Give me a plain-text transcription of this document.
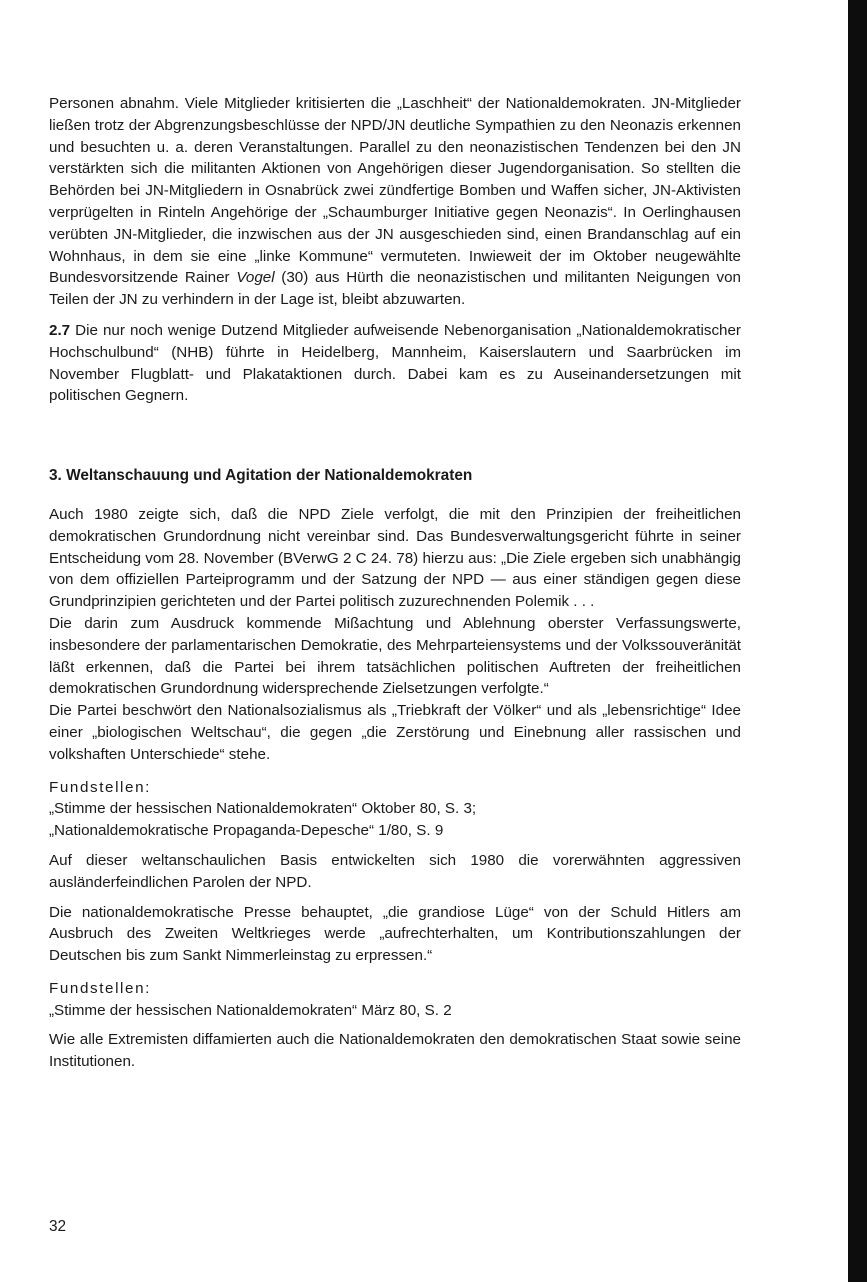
Personen abnahm. Viele Mitglieder kritisierten die „Laschheit“ der Nationaldemokraten. JN-Mitglieder ließen trotz der Abgrenzungsbeschlüsse der NPD/JN deutliche Sympathien zu den Neonazis erkennen und besuchten u. a. deren Veranstaltungen. Parallel zu den neonazistischen Tendenzen bei den JN verstärkten sich die militanten Aktionen von Angehörigen dieser Jugendorganisation. So stellten die Behörden bei JN-Mitgliedern in Osnabrück zwei zündfertige Bomben und Waffen sicher, JN-Aktivisten verprügelten in Rinteln Angehörige der „Schaumburger Initiative gegen Neonazis“. In Oerlinghausen verübten JN-Mitglieder, die inzwischen aus der JN ausgeschieden sind, einen Brandanschlag auf ein Wohnhaus, in dem sie eine „linke Kommune“ vermuteten. Inwieweit der im Oktober neugewählte Bundesvorsitzende Rainer Vogel (30) aus Hürth die neonazistischen und militanten Neigungen von Teilen der JN zu verhindern in der Lage ist, bleibt abzuwarten.

2.7 Die nur noch wenige Dutzend Mitglieder aufweisende Nebenorganisation „Nationaldemokratischer Hochschulbund“ (NHB) führte in Heidelberg, Mannheim, Kaiserslautern und Saarbrücken im November Flugblatt- und Plakataktionen durch. Dabei kam es zu Auseinandersetzungen mit politischen Gegnern.

3. Weltanschauung und Agitation der Nationaldemokraten

Auch 1980 zeigte sich, daß die NPD Ziele verfolgt, die mit den Prinzipien der freiheitlichen demokratischen Grundordnung nicht vereinbar sind. Das Bundesverwaltungsgericht führte in seiner Entscheidung vom 28. November (BVerwG 2 C 24. 78) hierzu aus: „Die Ziele ergeben sich unabhängig von dem offiziellen Parteiprogramm und der Satzung der NPD — aus einer ständigen gegen diese Grundprinzipien gerichteten und der Partei politisch zuzurechnenden Polemik . . .

Die darin zum Ausdruck kommende Mißachtung und Ablehnung oberster Verfassungswerte, insbesondere der parlamentarischen Demokratie, des Mehrparteiensystems und der Volkssouveränität läßt erkennen, daß die Partei bei ihrem tatsächlichen politischen Auftreten der freiheitlichen demokratischen Grundordnung widersprechende Zielsetzungen verfolgte.“

Die Partei beschwört den Nationalsozialismus als „Triebkraft der Völker“ und als „lebensrichtige“ Idee einer „biologischen Weltschau“, die gegen „die Zerstörung und Einebnung aller rassischen und volkshaften Unterschiede“ stehe.

Fundstellen:

„Stimme der hessischen Nationaldemokraten“ Oktober 80, S. 3;

„Nationaldemokratische Propaganda-Depesche“ 1/80, S. 9

Auf dieser weltanschaulichen Basis entwickelten sich 1980 die vorerwähnten aggressiven ausländerfeindlichen Parolen der NPD.

Die nationaldemokratische Presse behauptet, „die grandiose Lüge“ von der Schuld Hitlers am Ausbruch des Zweiten Weltkrieges werde „aufrechterhalten, um Kontributionszahlungen der Deutschen bis zum Sankt Nimmerleinstag zu erpressen.“

Fundstellen:

„Stimme der hessischen Nationaldemokraten“ März 80, S. 2

Wie alle Extremisten diffamierten auch die Nationaldemokraten den demokratischen Staat sowie seine Institutionen.

32
